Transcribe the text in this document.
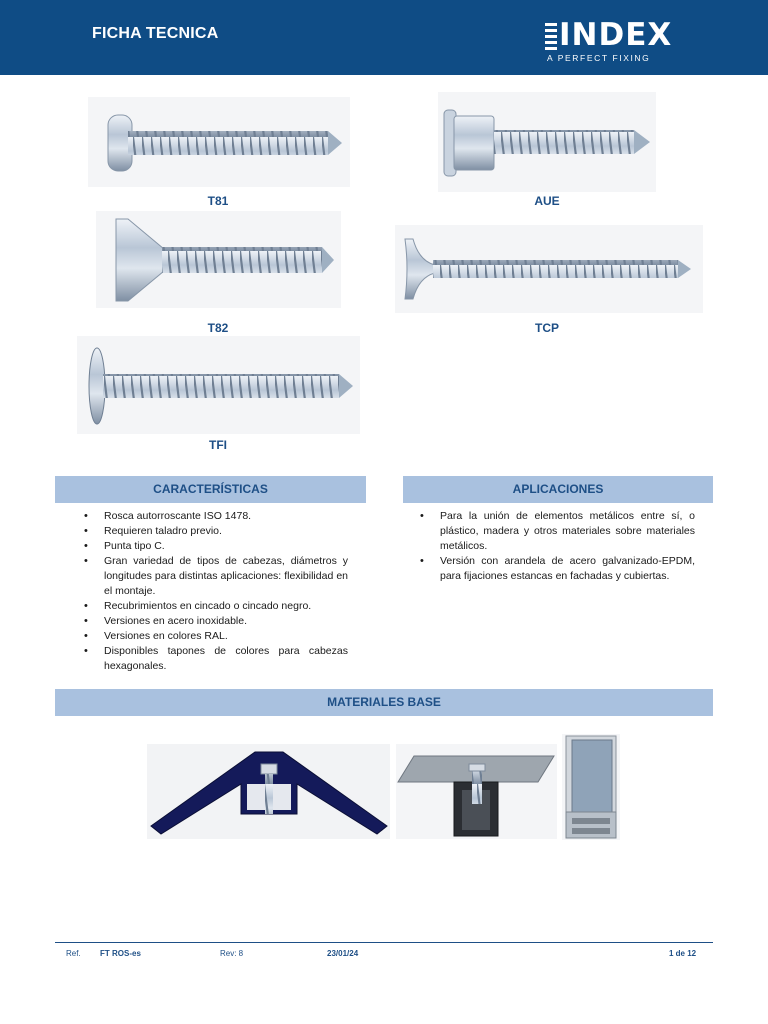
FICHA TECNICA	INDEX
A PERFECT FIXING
T81	AUE
T82	TCP
TFI
CARACTERÍSTICAS	APLICACIONES
• Rosca autorroscante ISO 1478.
• Requieren taladro previo.
• Punta tipo C.
• Gran variedad de tipos de cabezas, diámetros y longitudes para distintas aplicaciones: flexibilidad en el montaje.
• Recubrimientos en cincado o cincado negro.
• Versiones en acero inoxidable.
• Versiones en colores RAL.
• Disponibles tapones de colores para cabezas hexagonales.
• Para la unión de elementos metálicos entre sí, o plástico, madera y otros materiales sobre materiales metálicos.
• Versión con arandela de acero galvanizado-EPDM, para fijaciones estancas en fachadas y cubiertas.
MATERIALES BASE
Ref. FT ROS-es	Rev: 8	23/01/24	1 de 12
